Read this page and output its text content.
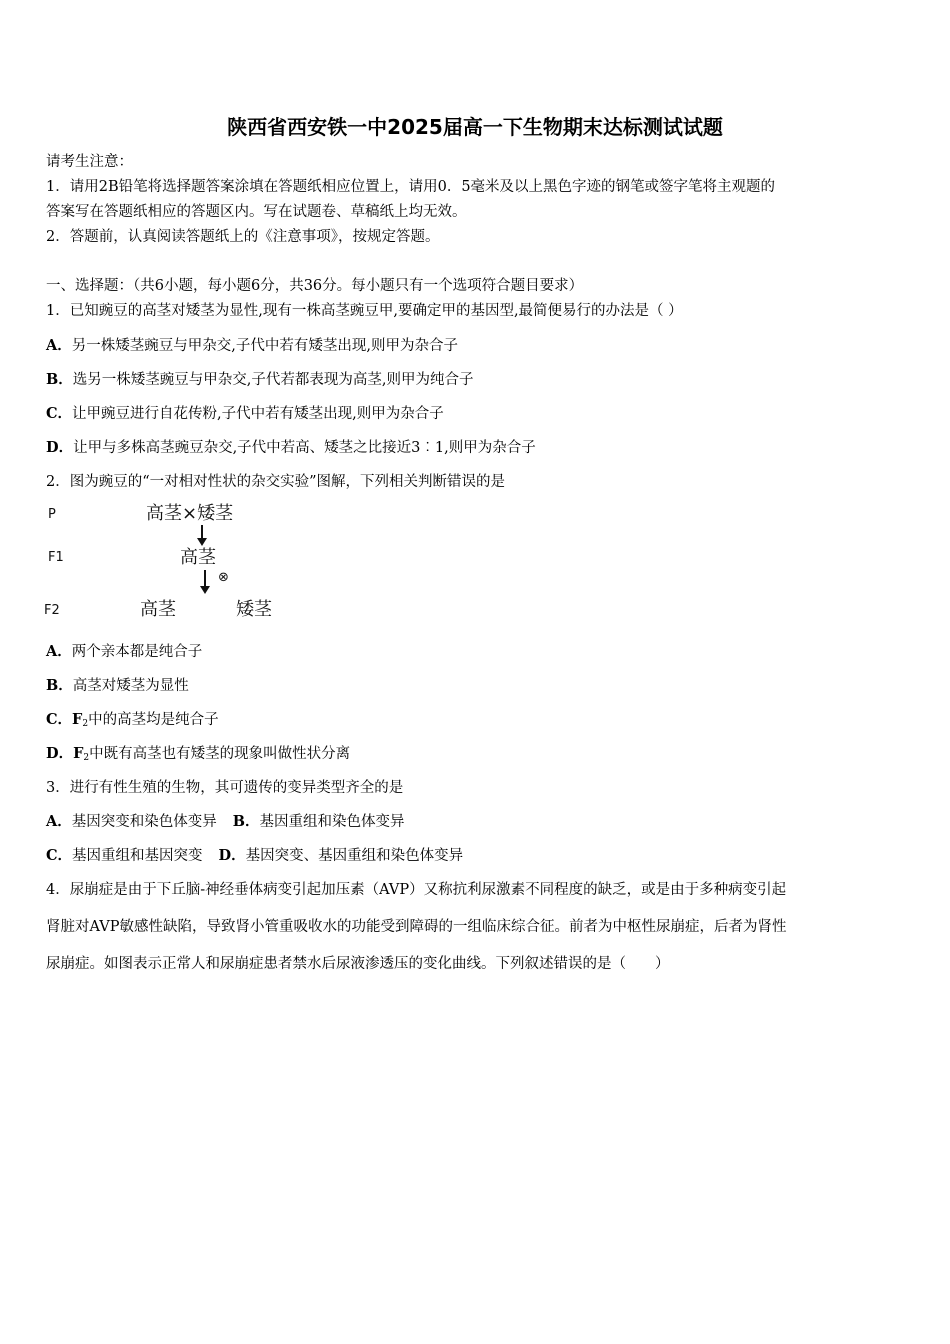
陕西省西安铁一中2025届高一下生物期末达标测试试题
请考生注意：
1．请用2B铅笔将选择题答案涂填在答题纸相应位置上，请用0．5毫米及以上黑色字迹的钢笔或签字笔将主观题的
答案写在答题纸相应的答题区内。写在试题卷、草稿纸上均无效。
2．答题前，认真阅读答题纸上的《注意事项》，按规定答题。
一、选择题：（共6小题，每小题6分，共36分。每小题只有一个选项符合题目要求）
1．已知豌豆的高茎对矮茎为显性,现有一株高茎豌豆甲,要确定甲的基因型,最简便易行的办法是（ ）
A．另一株矮茎豌豆与甲杂交,子代中若有矮茎出现,则甲为杂合子
B．选另一株矮茎豌豆与甲杂交,子代若都表现为高茎,则甲为纯合子
C．让甲豌豆进行自花传粉,子代中若有矮茎出现,则甲为杂合子
D．让甲与多株高茎豌豆杂交,子代中若高、矮茎之比接近3︰1,则甲为杂合子
2．图为豌豆的“一对相对性状的杂交实验”图解，下列相关判断错误的是
P
F1
F2
高茎×矮茎
高茎
⊗
高茎	矮茎
A．两个亲本都是纯合子
B．高茎对矮茎为显性
C．$F_2$中的高茎均是纯合子
D．$F_2$中既有高茎也有矮茎的现象叫做性状分离
3．进行有性生殖的生物，其可遗传的变异类型齐全的是
A．基因突变和染色体变异 B．基因重组和染色体变异
C．基因重组和基因突变 D．基因突变、基因重组和染色体变异
4．尿崩症是由于下丘脑-神经垂体病变引起加压素（AVP）又称抗利尿激素不同程度的缺乏，或是由于多种病变引起
肾脏对AVP敏感性缺陷，导致肾小管重吸收水的功能受到障碍的一组临床综合征。前者为中枢性尿崩症，后者为肾性
尿崩症。如图表示正常人和尿崩症患者禁水后尿液渗透压的变化曲线。下列叙述错误的是（　　）
